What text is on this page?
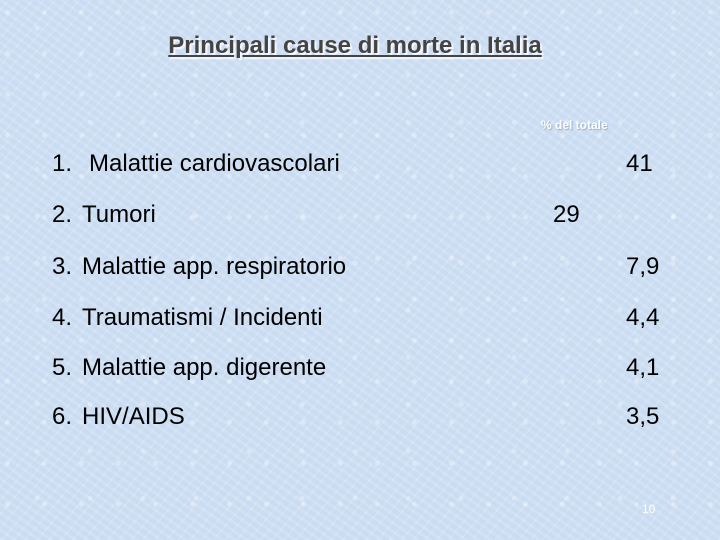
Principali cause di morte in Italia
% del totale
1. Malattie cardiovascolari	41
2. Tumori	29
3. Malattie app. respiratorio	7,9
4. Traumatismi / Incidenti	4,4
5. Malattie app. digerente	4,1
6. HIV/AIDS	3,5
10
